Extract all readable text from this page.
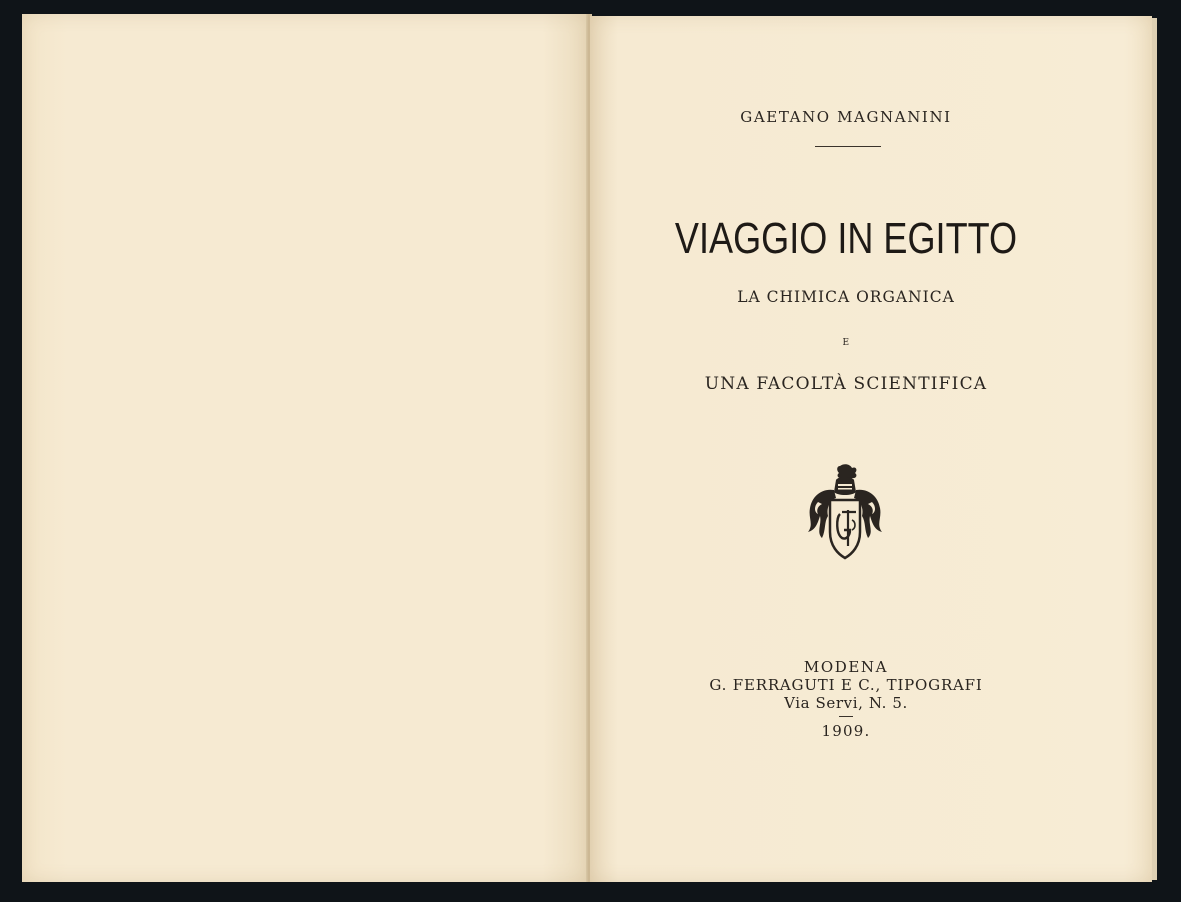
GAETANO MAGNANINI
VIAGGIO IN EGITTO
LA CHIMICA ORGANICA
E
UNA FACOLTÀ SCIENTIFICA
MODENA
G. FERRAGUTI E C., TIPOGRAFI
Via Servi, N. 5.
1909.
